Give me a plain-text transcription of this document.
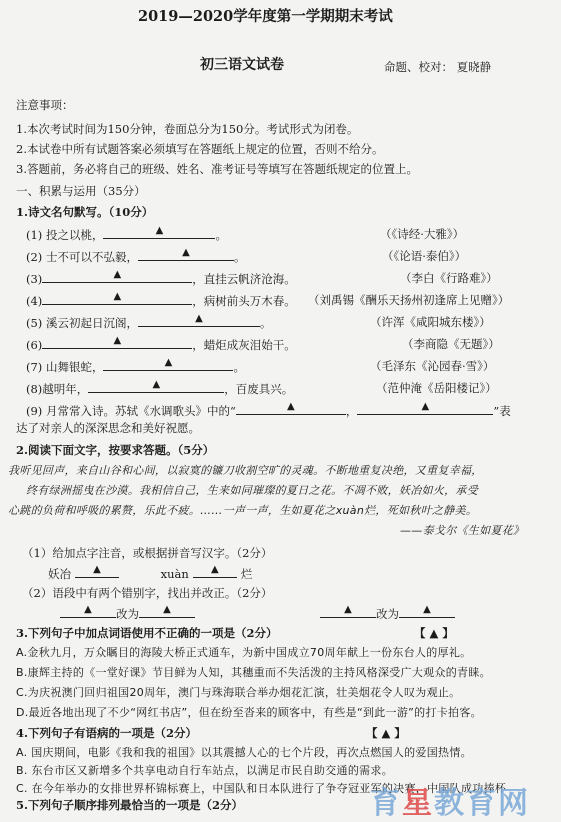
2019—2020学年度第一学期期末考试
初三语文试卷	命题、校对： 夏晓静
注意事项：
1.本次考试时间为150分钟，卷面总分为150分。考试形式为闭卷。
2.本试卷中所有试题答案必须填写在答题纸上规定的位置，否则不给分。
3.答题前，务必将自己的班级、姓名、准考证号等填写在答题纸规定的位置上。
一、积累与运用（35分）
1.诗文名句默写。（10分）
(1) 投之以桃，	▲	。	（《诗经·大雅》）
(2) 士不可以不弘毅，	▲	。	（《论语·泰伯》）
(3)	▲	，直挂云帆济沧海。	（李白《行路难》）
(4)	▲	，病树前头万木春。 （刘禹锡《酬乐天扬州初逢席上见赠》）
(5) 溪云初起日沉阁，	▲	。	（许浑《咸阳城东楼》）
(6)	▲	，蜡炬成灰泪始干。	（李商隐《无题》）
(7) 山舞银蛇，	▲	。	（毛泽东《沁园春·雪》）
(8)越明年，	▲	，百废具兴。	（范仲淹《岳阳楼记》）
(9) 月常常入诗。苏轼《水调歌头》中的“	▲	，	▲	”表
达了对亲人的深深思念和美好祝愿。
2.阅读下面文字，按要求答题。（5分）
我听见回声，来自山谷和心间，以寂寞的镰刀收割空旷的灵魂。不断地重复决绝，又重复幸福，
终有绿洲摇曳在沙漠。我相信自己，生来如同璀璨的夏日之花。不凋不败，妖冶如火，承受
心跳的负荷和呼吸的累赘，乐此不疲。……一声一声，生如夏花之xuàn烂，死如秋叶之静美。
——泰戈尔《生如夏花》
（1）给加点字注音，或根据拼音写汉字。（2分）
妖冶 ▲	xuàn ▲ 烂
（2）语段中有两个错别字，找出并改正。（2分）
▲ 改为 ▲	▲ 改为 ▲
3.下列句子中加点词语使用不正确的一项是（2分）	【 ▲ 】
A.金秋九月，万众瞩目的海陵大桥正式通车，为新中国成立70周年献上一份东台人的厚礼。
B.康辉主持的《一堂好课》节目鲜为人知，其穗重而不失活泼的主持风格深受广大观众的青睐。
C.为庆祝澳门回归祖国20周年，澳门与珠海联合举办烟花汇演，壮美烟花令人叹为观止。
D.最近各地出现了不少“网红书店”，但在纷至沓来的顾客中，有些是“到此一游”的打卡拍客。
4.下列句子有语病的一项是（2分）	【 ▲ 】
A. 国庆期间，电影《我和我的祖国》以其震撼人心的七个片段，再次点燃国人的爱国热情。
B. 东台市区又新增多个共享电动自行车站点，以满足市民自助交通的需求。
C. 在今年举办的女排世界杯锦标赛上，中国队和日本队进行了争夺冠亚军的决赛，中国队成功捧杯
5.下列句子顺序排列最恰当的一项是（2分）	育星教育网
